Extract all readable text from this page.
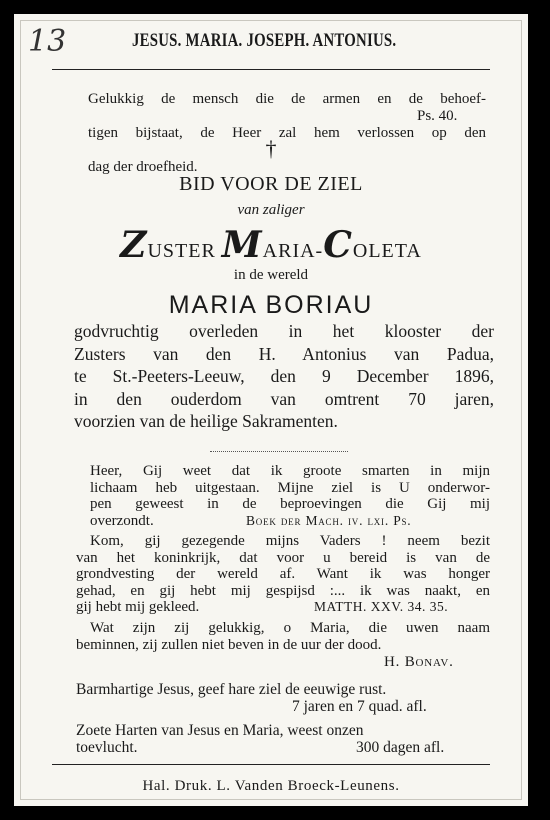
13	JESUS. MARIA. JOSEPH. ANTONIUS.

Gelukkig de mensch die de armen en de behoef-

tigen bijstaat, de Heer zal hem verlossen op den

dag der droefheid.

Ps. 40.
†
BID VOOR DE ZIEL
van zaliger
ZUSTER MARIA-COLETA
in de wereld
MARIA BORIAU
godvruchtig overleden in het klooster der
Zusters van den H. Antonius van Padua,
te St.-Peeters-Leeuw, den 9 December 1896,
in den ouderdom van omtrent 70 jaren,
voorzien van de heilige Sakramenten.
Heer, Gij weet dat ik groote smarten in mijn
lichaam heb uitgestaan. Mijne ziel is U onderwor-
pen geweest in de beproevingen die Gij mij
overzondt.	Boek der Mach. iv. lxi. Ps.
Kom, gij gezegende mijns Vaders ! neem bezit
van het koninkrijk, dat voor u bereid is van de
grondvesting der wereld af. Want ik was honger
gehad, en gij hebt mij gespijsd :... ik was naakt, en
gij hebt mij gekleed.	MATTH. XXV. 34. 35.
Wat zijn zij gelukkig, o Maria, die uwen naam
beminnen, zij zullen niet beven in de uur der dood.
H. Bonav.
Barmhartige Jesus, geef hare ziel de eeuwige rust.
7 jaren en 7 quad. afl.
Zoete Harten van Jesus en Maria, weest onzen
toevlucht.	300 dagen afl.
Hal. Druk. L. Vanden Broeck-Leunens.
